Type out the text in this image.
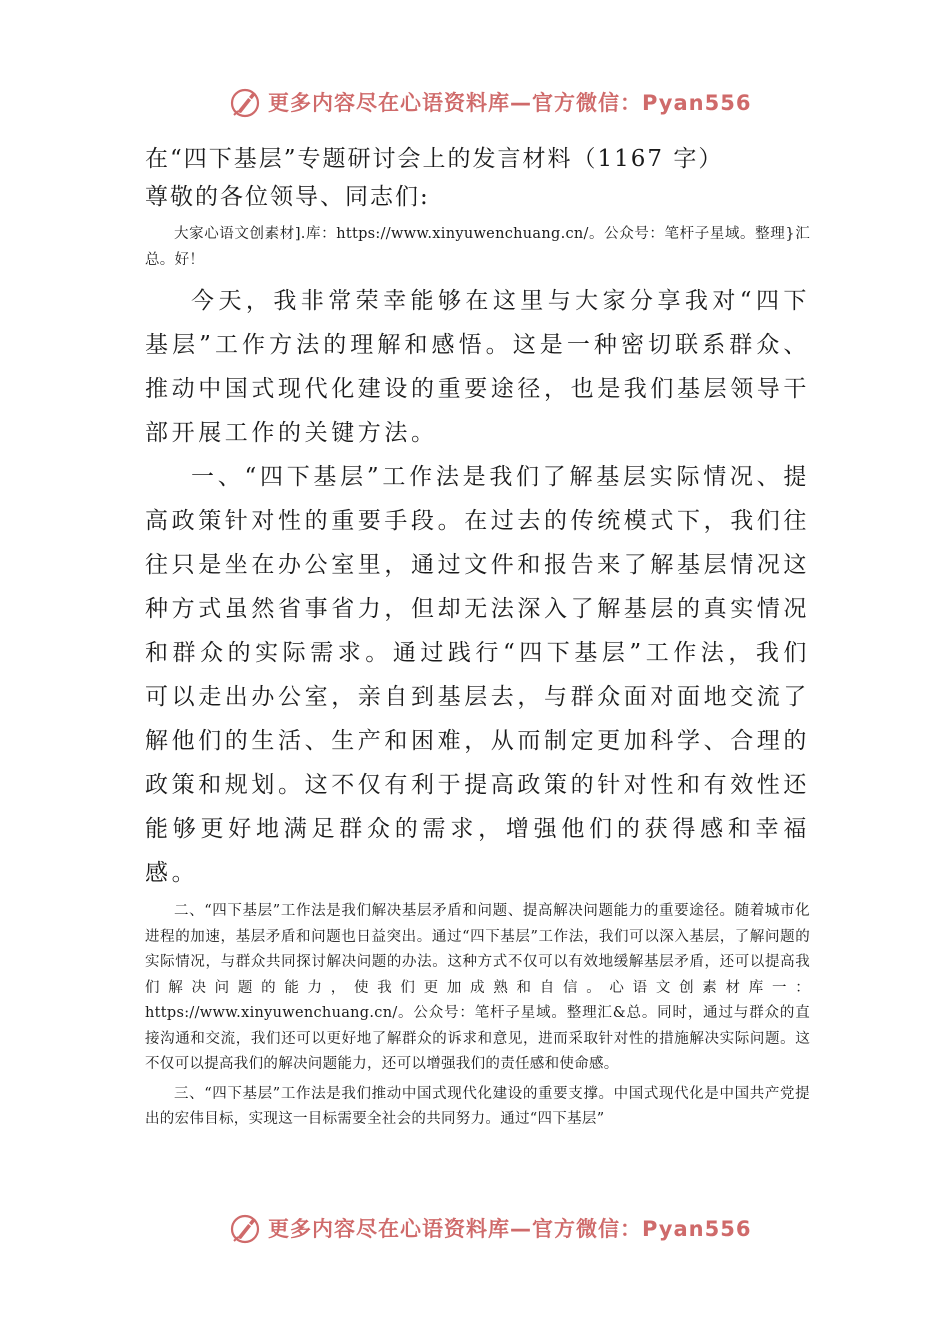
更多内容尽在心语资料库—官方微信：Pyan556

在“四下基层”专题研讨会上的发言材料（1167 字）

尊敬的各位领导、同志们:

大家心语文创素材].库：https://www.xinyuwenchuang.cn/。公众号：笔杆子星域。整理}汇总。好！

今天，我非常荣幸能够在这里与大家分享我对“四下基层”工作方法的理解和感悟。这是一种密切联系群众、推动中国式现代化建设的重要途径，也是我们基层领导干部开展工作的关键方法。

一、“四下基层”工作法是我们了解基层实际情况、提高政策针对性的重要手段。在过去的传统模式下，我们往往只是坐在办公室里，通过文件和报告来了解基层情况这种方式虽然省事省力，但却无法深入了解基层的真实情况和群众的实际需求。通过践行“四下基层”工作法，我们可以走出办公室，亲自到基层去，与群众面对面地交流了解他们的生活、生产和困难，从而制定更加科学、合理的政策和规划。这不仅有利于提高政策的针对性和有效性还能够更好地满足群众的需求，增强他们的获得感和幸福感。

二、“四下基层”工作法是我们解决基层矛盾和问题、提高解决问题能力的重要途径。随着城市化进程的加速，基层矛盾和问题也日益突出。通过“四下基层”工作法，我们可以深入基层，了解问题的实际情况，与群众共同探讨解决问题的办法。这种方式不仅可以有效地缓解基层矛盾，还可以提高我们解决问题的能力，使我们更加成熟和自信。心语文创素材库一：https://www.xinyuwenchuang.cn/。公众号：笔杆子星域。整理汇&总。同时，通过与群众的直接沟通和交流，我们还可以更好地了解群众的诉求和意见，进而采取针对性的措施解决实际问题。这不仅可以提高我们的解决问题能力，还可以增强我们的责任感和使命感。

三、“四下基层”工作法是我们推动中国式现代化建设的重要支撑。中国式现代化是中国共产党提出的宏伟目标，实现这一目标需要全社会的共同努力。通过“四下基层”

更多内容尽在心语资料库—官方微信：Pyan556
